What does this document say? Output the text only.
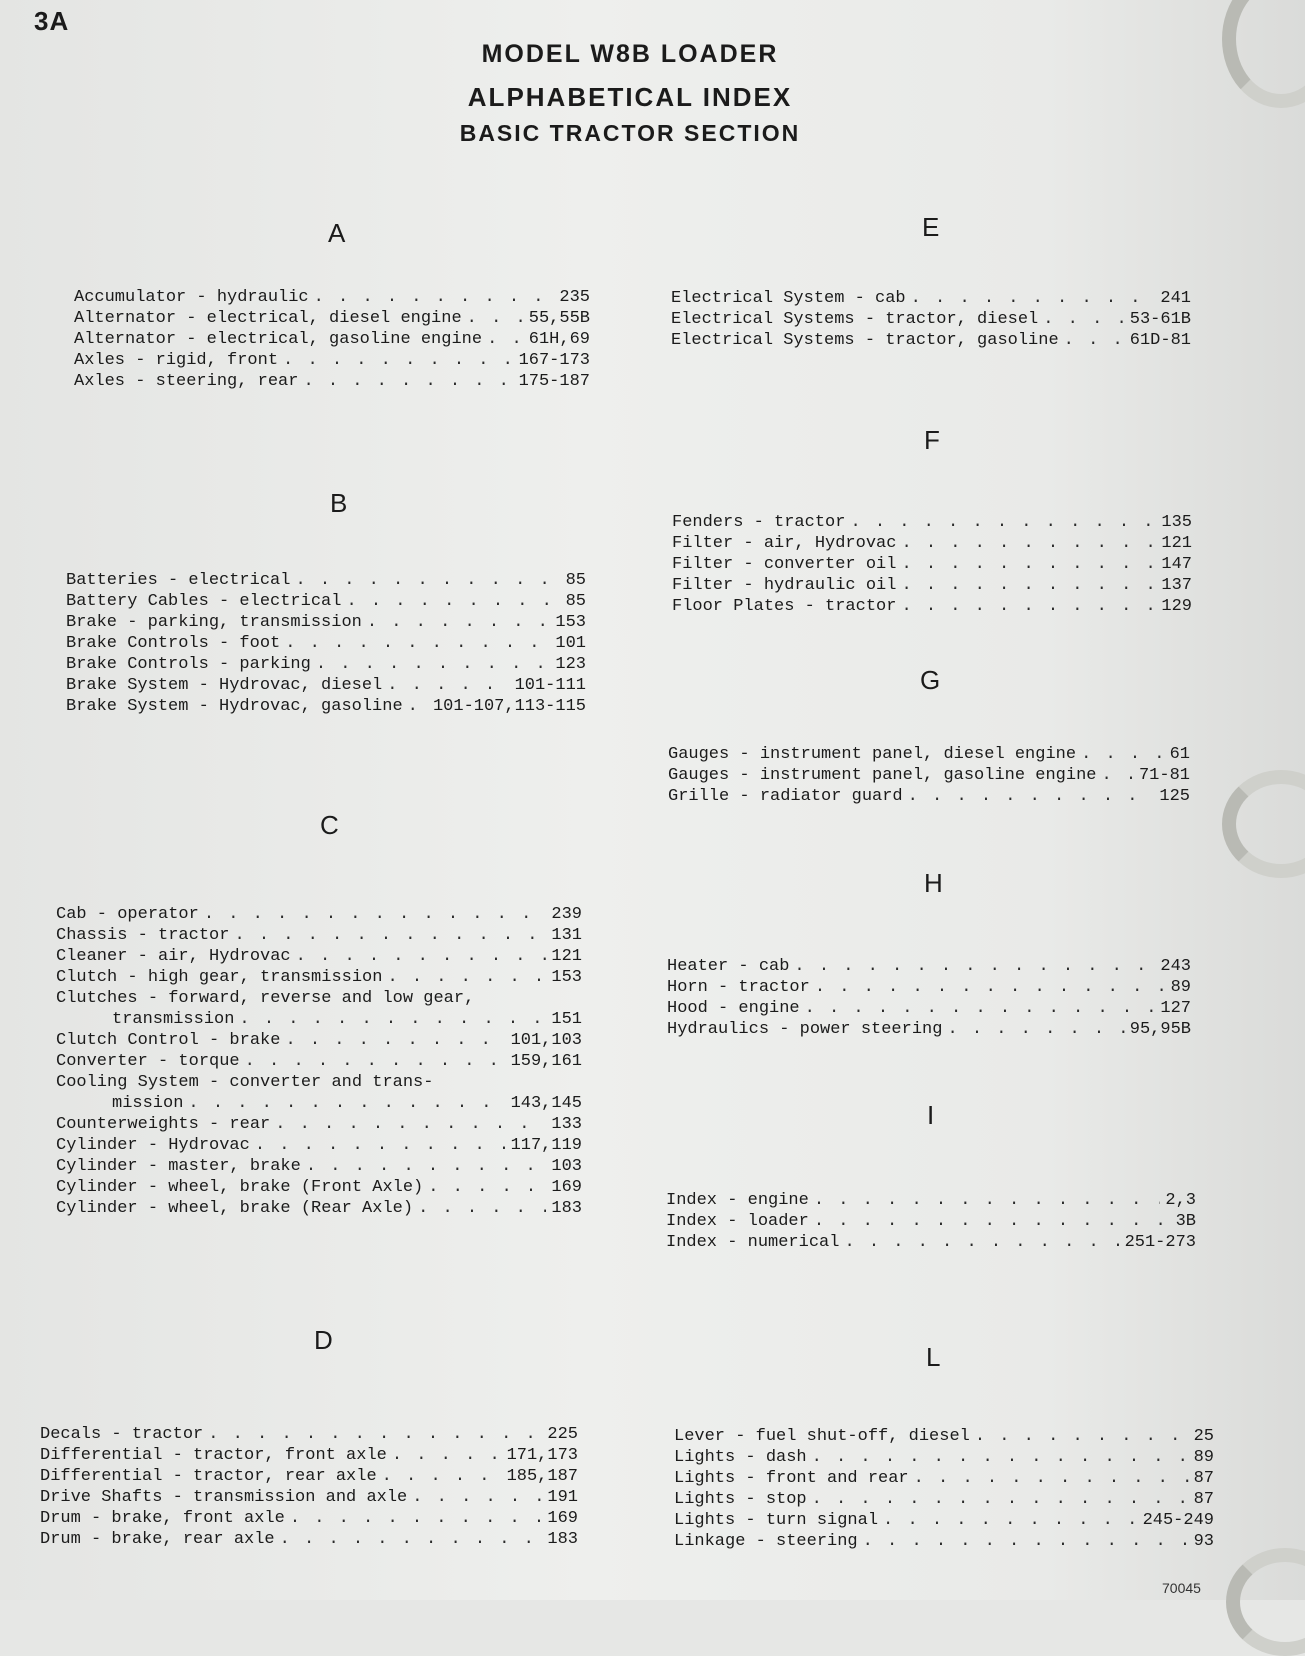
3A
MODEL W8B LOADER
ALPHABETICAL INDEX
BASIC TRACTOR SECTION
A
Accumulator - hydraulic . . .	235
Alternator - electrical, diesel engine . . .	55,55B
Alternator - electrical, gasoline engine . . .	61H,69
Axles - rigid, front . . .	167-173
Axles - steering, rear . . .	175-187
B
Batteries - electrical . . .	85
Battery Cables - electrical . . .	85
Brake - parking, transmission . . .	153
Brake Controls - foot . . .	101
Brake Controls - parking . . .	123
Brake System - Hydrovac, diesel . . .	101-111
Brake System - Hydrovac, gasoline . . . 101-107,113-115
C
Cab - operator . . .	239
Chassis - tractor . . .	131
Cleaner - air, Hydrovac . . .	121
Clutch - high gear, transmission . . .	153
Clutches - forward, reverse and low gear,
transmission . . .	151
Clutch Control - brake . . .	101,103
Converter - torque . . .	159,161
Cooling System - converter and trans-
mission . . .	143,145
Counterweights - rear . . .	133
Cylinder - Hydrovac . . .	117,119
Cylinder - master, brake . . .	103
Cylinder - wheel, brake (Front Axle) . . .	169
Cylinder - wheel, brake (Rear Axle) . . .	183
D
Decals - tractor . . .	225
Differential - tractor, front axle . . .	171,173
Differential - tractor, rear axle . . .	185,187
Drive Shafts - transmission and axle . . .	191
Drum - brake, front axle . . .	169
Drum - brake, rear axle . . .	183
E
Electrical System - cab . . .	241
Electrical Systems - tractor, diesel . . .	53-61B
Electrical Systems - tractor, gasoline . . .	61D-81
F
Fenders - tractor . . .	135
Filter - air, Hydrovac . . .	121
Filter - converter oil . . .	147
Filter - hydraulic oil . . .	137
Floor Plates - tractor . . .	129
G
Gauges - instrument panel, diesel engine . . .	61
Gauges - instrument panel, gasoline engine . . .	71-81
Grille - radiator guard . . .	125
H
Heater - cab . . .	243
Horn - tractor . . .	89
Hood - engine . . .	127
Hydraulics - power steering . . .	95,95B
I
Index - engine . . .	2,3
Index - loader . . .	3B
Index - numerical . . .	251-273
L
Lever - fuel shut-off, diesel . . .	25
Lights - dash . . .	89
Lights - front and rear . . .	87
Lights - stop . . .	87
Lights - turn signal . . .	245-249
Linkage - steering . . .	93
70045
